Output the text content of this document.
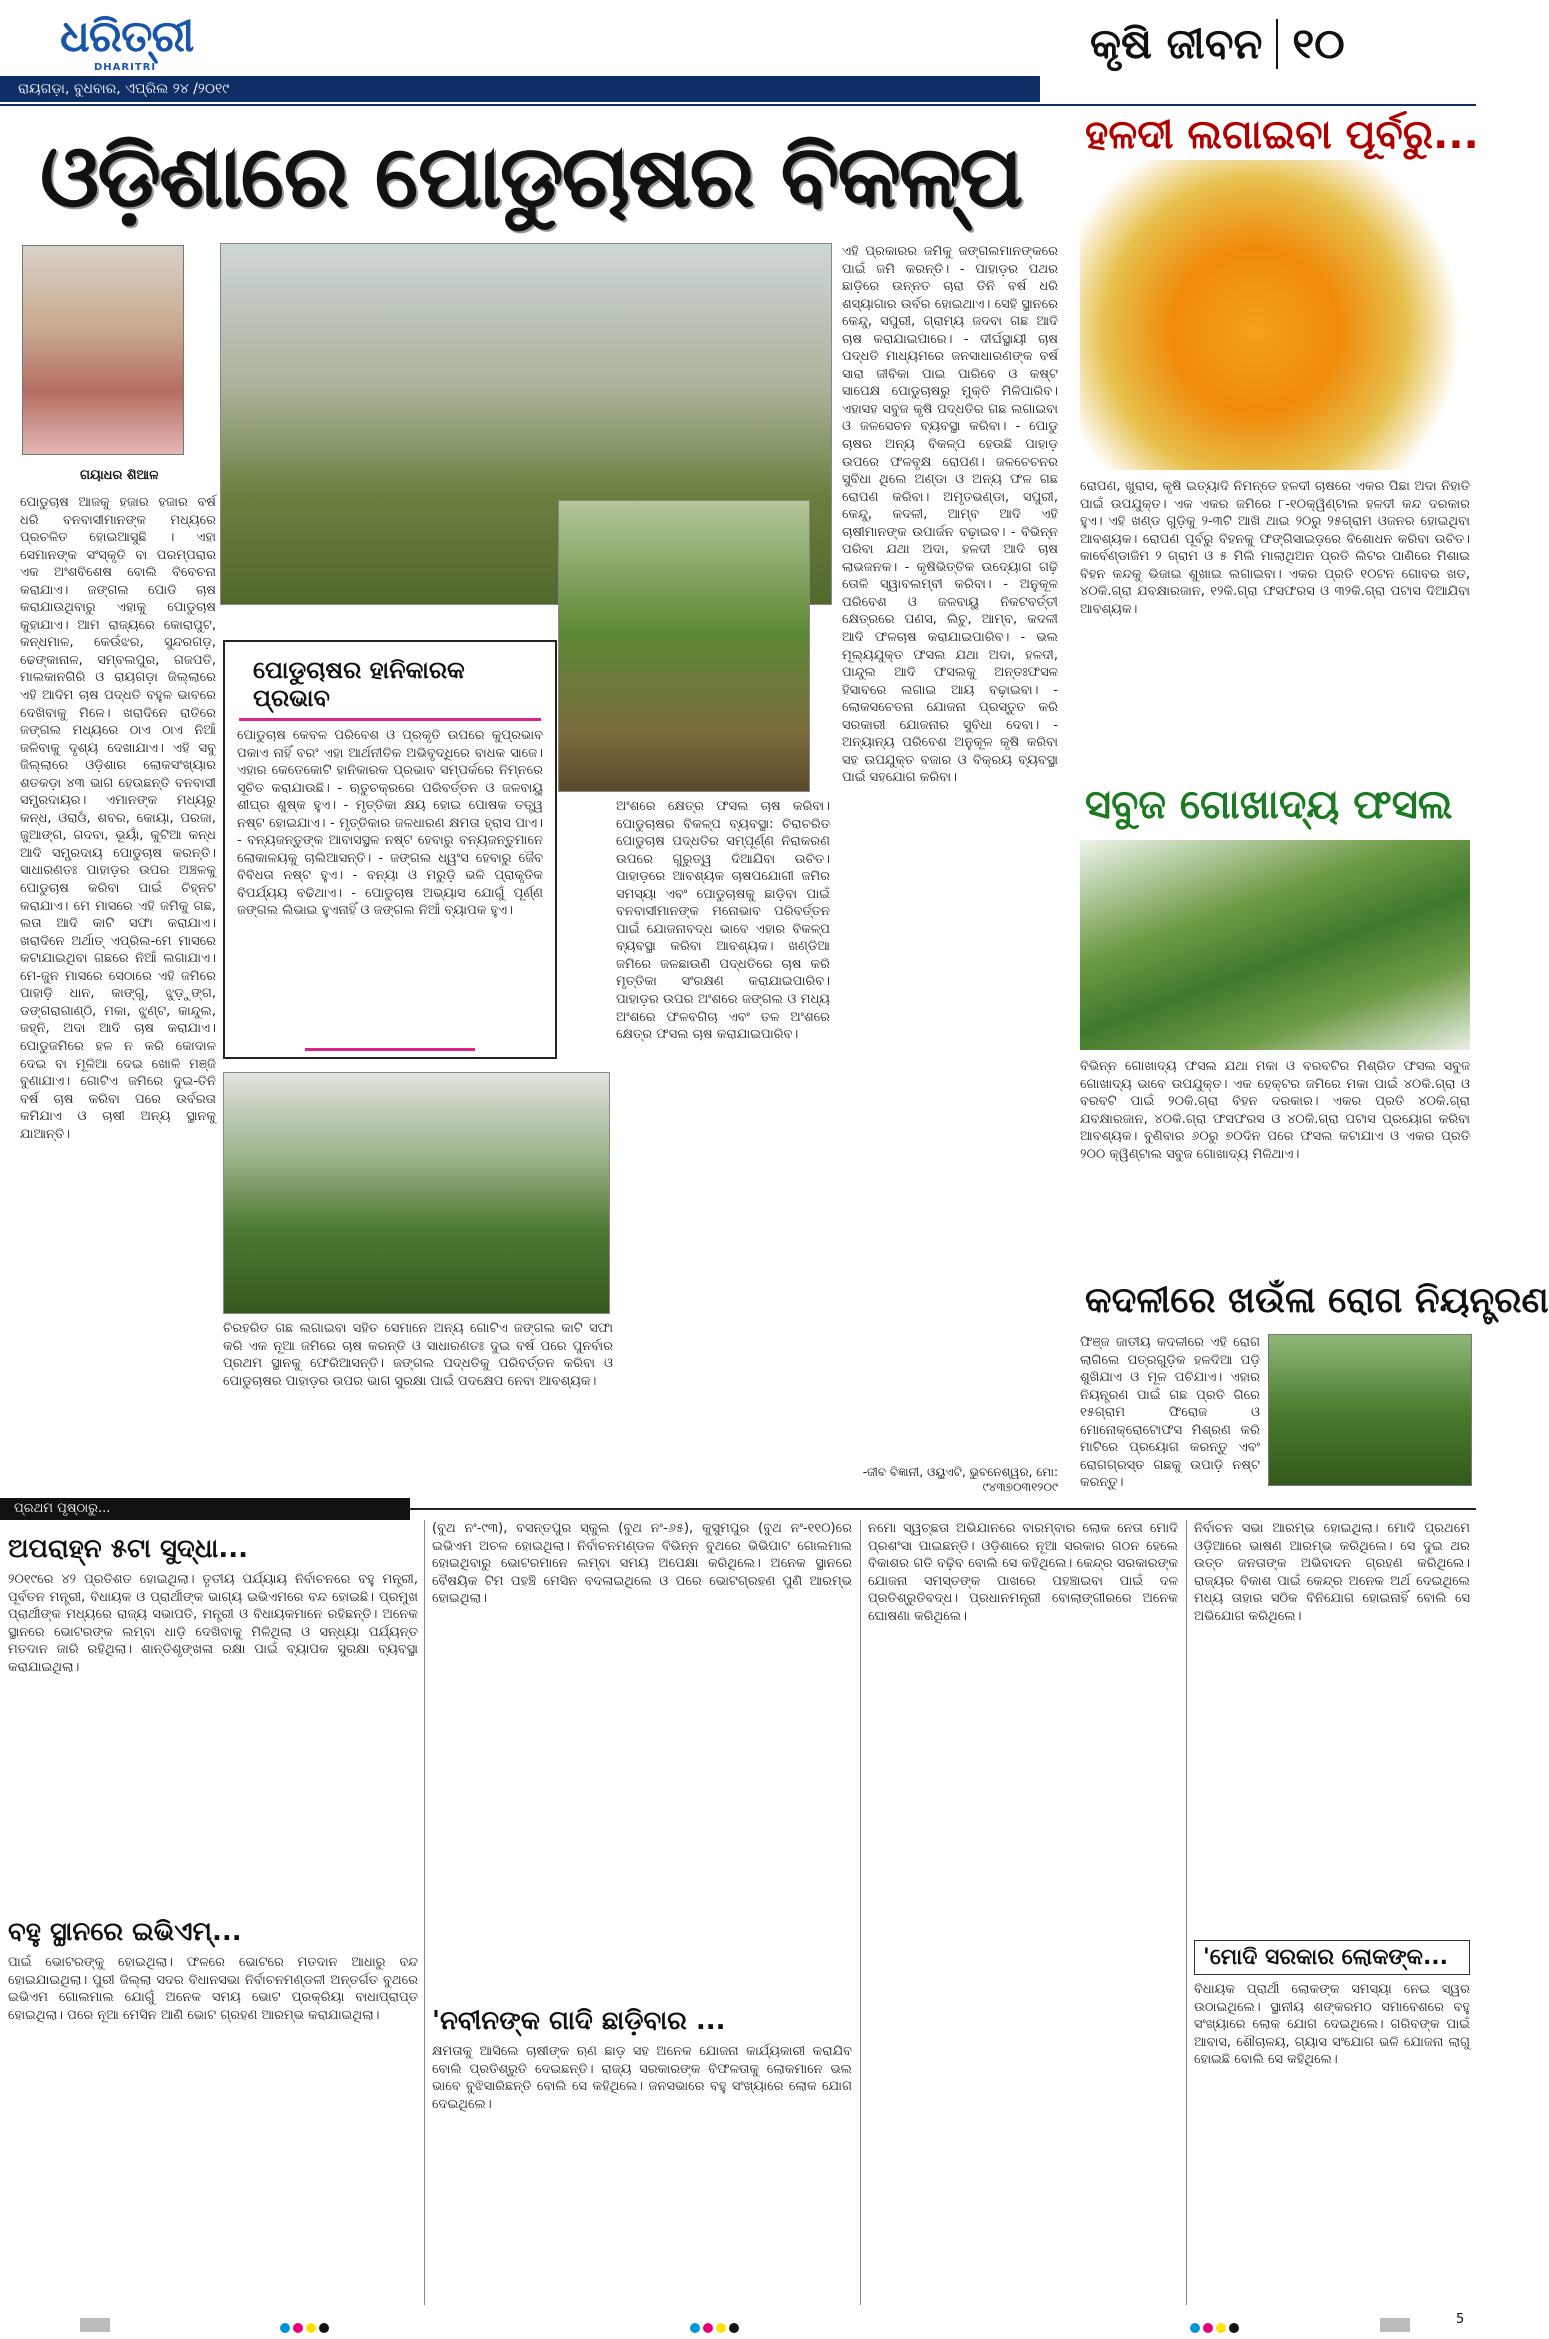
ଧରିତ୍ରୀ
DHARITRI
ରାୟଗଡ଼ା, ବୁଧବାର, ଏପ୍ରିଲ ୨୪ /୨୦୧୯
କୃଷି ଜୀବନ ୧୦
ଓଡ଼ିଶାରେ ପୋଡୁଚାଷର ବିକଳ୍ପ
ଗୟାଧର ଶିଆଳ
ପୋଡୁଚାଷ ଆଜକୁ ହଜାର ହଜାର ବର୍ଷ ଧରି ବନବାସୀମାନଙ୍କ ମଧ୍ୟରେ ପ୍ରଚଳିତ ହୋଇଆସୁଛି । ଏହା ସେମାନଙ୍କ ସଂସ୍କୃତି ବା ପରମ୍ପରାର ଏକ ଅଂଶବିଶେଷ ବୋଲି ବିବେଚନା କରାଯାଏ। ଜଙ୍ଗଲ ପୋଡି ଚାଷ କରାଯାଉଥିବାରୁ ଏହାକୁ ପୋଡୁଚାଷ କୁହାଯାଏ। ଆମ ରାଜ୍ୟରେ କୋରାପୁଟ, କନ୍ଧମାଳ, କେଉଁଝର, ସୁନ୍ଦରଗଡ଼, ଢେଙ୍କାନାଳ, ସମ୍ବଲପୁର, ଗଜପତି, ମାଲକାନଗିରି ଓ ରାୟଗଡ଼ା ଜିଲ୍ଲାରେ ଏହି ଆଦିମ ଚାଷ ପଦ୍ଧତି ବହୁଳ ଭାବରେ ଦେଖିବାକୁ ମିଳେ। ଖରାଦିନେ ରାତିରେ ଜଙ୍ଗଲ ମଧ୍ୟରେ ଠାଏ ଠାଏ ନିଆଁ ଜଳିବାକୁ ଦୃଶ୍ୟ ଦେଖାଯାଏ। ଏହି ସବୁ ଜିଲ୍ଲାରେ ଓଡ଼ିଶାର ଲୋକସଂଖ୍ୟାର ଶତକଡ଼ା ୪୩ ଭାଗ ହେଉଛନ୍ତି ବନବାସୀ ସମ୍ପ୍ରଦାୟର। ଏମାନଙ୍କ ମଧ୍ୟରୁ କନ୍ଧ, ଓରାଓଁ, ଶବର, କୋୟା, ପରଜା, ଜୁଆଙ୍ଗ, ଗଦବା, ଭୂୟାଁ, କୁଟିଆ କନ୍ଧ ଆଦି ସମ୍ପ୍ରଦାୟ ପୋଡୁଚାଷ କରନ୍ତି। ସାଧାରଣତଃ ପାହାଡ଼ର ଉପର ଅଞ୍ଚଳକୁ ପୋଡୁଚାଷ କରିବା ପାଇଁ ଚିହ୍ନଟ କରାଯାଏ। ମେ ମାସରେ ଏହି ଜମିକୁ ଗଛ, ଲତା ଆଦି କାଟି ସଫା କରାଯାଏ। ଖରାଦିନେ ଅର୍ଥାତ୍ ଏପ୍ରିଲ-ମେ ମାସରେ କଟାଯାଇଥିବା ଗଛରେ ନିଆଁ ଲଗାଯାଏ। ମେ-ଜୁନ ମାସରେ ସେଠାରେ ଏହି ଜମିରେ ପାହାଡ଼ି ଧାନ, କାଙ୍ଗୁ, ଝୁଡ଼ୁଙ୍ଗ, ଡଙ୍ଗରାଗାଣ୍ଠି, ମକା, ଝୁଣ୍ଟ, କାନ୍ଦୁଲ, ଜହ୍ନି, ଅଦା ଆଦି ଚାଷ କରାଯାଏ। ପୋଡୁଜମିରେ ହଳ ନ କରି କୋଦାଳ ଦେଇ ବା ମୂଳିଆ ଦେଇ ଖୋଳି ମଞ୍ଜି ବୁଣାଯାଏ। ଗୋଟିଏ ଜମିରେ ଦୁଇ-ତିନି ବର୍ଷ ଚାଷ କରିବା ପରେ ଉର୍ବରତା କମିଯାଏ ଓ ଚାଷୀ ଅନ୍ୟ ସ୍ଥାନକୁ ଯାଆନ୍ତି।
ପୋଡୁଚାଷର ହାନିକାରକ ପ୍ରଭାବ
ପୋଡୁଚାଷ କେବଳ ପରିବେଶ ଓ ପ୍ରକୃତି ଉପରେ କୁପ୍ରଭାବ ପକାଏ ନାହିଁ ବରଂ ଏହା ଆର୍ଥନୀତିକ ଅଭିବୃଦ୍ଧିରେ ବାଧକ ସାଜେ। ଏହାର କେତେକୋଟି ହାନିକାରକ ପ୍ରଭାବ ସମ୍ପର୍କରେ ନିମ୍ନରେ ସୂଚିତ କରାଯାଉଛି। - ଋତୁଚକ୍ରରେ ପରିବର୍ତ୍ତନ ଓ ଜଳବାୟୁ ଶୀଘ୍ର ଶୁଷ୍କ ହୁଏ। - ମୃତ୍ତିକା କ୍ଷୟ ହୋଇ ପୋଷକ ତତ୍ତ୍ୱ ନଷ୍ଟ ହୋଇଯାଏ। - ମୃତ୍ତିକାର ଜଳଧାରଣ କ୍ଷମତା ହ୍ରାସ ପାଏ। - ବନ୍ୟଜନ୍ତୁଙ୍କ ଆବାସସ୍ଥଳ ନଷ୍ଟ ହେବାରୁ ବନ୍ୟଜନ୍ତୁମାନେ ଲୋକାଳୟକୁ ଚାଲିଆସନ୍ତି। - ଜଙ୍ଗଲ ଧ୍ୱଂସ ହେବାରୁ ଜୈବ ବିବିଧତା ନଷ୍ଟ ହୁଏ। - ବନ୍ୟା ଓ ମରୁଡ଼ି ଭଳି ପ୍ରାକୃତିକ ବିପର୍ଯ୍ୟୟ ବଢିଥାଏ। - ପୋଡୁଚାଷ ଅଭ୍ୟାସ ଯୋଗୁଁ ପୂର୍ଣ୍ଣ ଜଙ୍ଗଲ ଲିଭାଇ ହୁଏନାହିଁ ଓ ଜଙ୍ଗଲ ନିଆଁ ବ୍ୟାପକ ହୁଏ।
ଅଂଶରେ କ୍ଷେତ୍ର ଫସଲ ଚାଷ କରିବା। ପୋଡୁଚାଷର ବିକଳ୍ପ ବ୍ୟବସ୍ଥା: ଚିରାଚରିତ ପୋଡୁଚାଷ ପଦ୍ଧତିର ସମ୍ପୂର୍ଣ୍ଣ ନିରାକରଣ ଉପରେ ଗୁରୁତ୍ୱ ଦିଆଯିବା ଉଚିତ। ପାହାଡ଼ରେ ଆବଶ୍ୟକ ଚାଷପଯୋଗୀ ଜମିର ସମସ୍ୟା ଏବଂ ପୋଡୁଚାଷକୁ ଛାଡ଼ିବା ପାଇଁ ବନବାସୀମାନଙ୍କ ମନୋଭାବ ପରିବର୍ତ୍ତନ ପାଇଁ ଯୋଜନାବଦ୍ଧ ଭାବେ ଏହାର ବିକଳ୍ପ ବ୍ୟବସ୍ଥା କରିବା ଆବଶ୍ୟକ। ଖଣ୍ଡିଆ ଜମିରେ ଜଳଛାଉଣି ପଦ୍ଧତିରେ ଚାଷ କରି ମୃତ୍ତିକା ସଂରକ୍ଷଣ କରାଯାଇପାରିବ। ପାହାଡ଼ର ଉପର ଅଂଶରେ ଜଙ୍ଗଲ ଓ ମଧ୍ୟ ଅଂଶରେ ଫଳବଗିଚା ଏବଂ ତଳ ଅଂଶରେ କ୍ଷେତ୍ର ଫସଲ ଚାଷ କରାଯାଇପାରିବ।
ଚିରହରିତ ଗଛ ଲଗାଇବା ସହିତ ସେମାନେ ଅନ୍ୟ ଗୋଟିଏ ଜଙ୍ଗଲ କାଟି ସଫା କରି ଏକ ନୂଆ ଜମିରେ ଚାଷ କରନ୍ତି ଓ ସାଧାରଣତଃ ଦୁଇ ବର୍ଷ ପରେ ପୁନର୍ବାର ପ୍ରଥମ ସ୍ଥାନକୁ ଫେରିଆସନ୍ତି। ଜଙ୍ଗଲ ପଦ୍ଧତିକୁ ପରିବର୍ତ୍ତନ କରିବା ଓ ପୋଡୁଚାଷର ପାହାଡ଼ର ଉପର ଭାଗ ସୁରକ୍ଷା ପାଇଁ ପଦକ୍ଷେପ ନେବା ଆବଶ୍ୟକ।
ଏହି ପ୍ରକାରର ଜମିକୁ ଜଙ୍ଗଲମାନଙ୍କରେ ପାଇଁ ଜମି କରନ୍ତି। - ପାହାଡ଼ର ପଥର ଛାଡ଼ିରେ ଉନ୍ନତ ଚାରା ତିନି ବର୍ଷ ଧରି ଶସ୍ୟାଗାର ଉର୍ବର ହୋଇଥାଏ। ସେହି ସ୍ଥାନରେ କେନ୍ଦୁ, ସପୁରୀ, ଗ୍ରାମ୍ୟ ଜଦବା ଗଛ ଆଦି ଚାଷ କରାଯାଇପାରେ। - ଦୀର୍ଘସ୍ଥାୟୀ ଚାଷ ପଦ୍ଧତି ମାଧ୍ୟମରେ ଜନସାଧାରଣଙ୍କ ବର୍ଷ ସାରା ଜୀବିକା ପାଇ ପାରିବେ ଓ କଷ୍ଟ ସାପେକ୍ଷ ପୋଡୁଚାଷରୁ ମୁକ୍ତି ମିଳିପାରିବ। ଏହାସହ ସବୁଜ କୃଷି ପଦ୍ଧତିର ଗଛ ଲଗାଇବା ଓ ଜଳସେଚନ ବ୍ୟବସ୍ଥା କରିବା। - ପୋଡୁ ଚାଷର ଅନ୍ୟ ବିକଳ୍ପ ହେଉଛି ପାହାଡ଼ ଉପରେ ଫଳବୃକ୍ଷ ରୋପଣ। ଜଳଚେଚନର ସୁବିଧା ଥିଲେ ଅଣ୍ଡା ଓ ଅନ୍ୟ ଫଳ ଗଛ ରୋପଣ କରିବା। ଅମୃତଭଣ୍ଡା, ସପୁରୀ, କେନ୍ଦୁ, କଦଳୀ, ଆମ୍ବ ଆଦି ଏହି ଚାଷୀମାନଙ୍କ ଉପାର୍ଜନ ବଢ଼ାଇବ। - ବିଭିନ୍ନ ପରିବା ଯଥା ଅଦା, ହଳଦୀ ଆଦି ଚାଷ ଲାଭଜନକ। - କୃଷିଭିତ୍ତିକ ଉଦ୍ୟୋଗ ଗଢ଼ି ତୋଳି ସ୍ୱାବଲମ୍ବୀ କରିବା। - ଅନୁକୂଳ ପରିବେଶ ଓ ଜଳବାୟୁ ନିକଟବର୍ତ୍ତୀ କ୍ଷେତ୍ରରେ ପଣସ, ଲିଚୁ, ଆମ୍ବ, କଦଳୀ ଆଦି ଫଳଚାଷ କରାଯାଇପାରିବ। - ଭଲ ମୂଲ୍ୟଯୁକ୍ତ ଫସଲ ଯଥା ଅଦା, ହଳଦୀ, ପାନ୍ଦୁଲ ଆଦି ଫସଲକୁ ଅନ୍ତଃଫସଳ ହିସାବରେ ଲଗାଇ ଆୟ ବଢ଼ାଇବା। - ଲୋକସଚେତନା ଯୋଜନା ପ୍ରସ୍ତୁତ କରି ସରକାରୀ ଯୋଜନାର ସୁବିଧା ଦେବା। - ଅନ୍ୟାନ୍ୟ ପରିବେଶ ଅନୁକୂଳ କୃଷି କରିବା ସହ ଉପଯୁକ୍ତ ବଜାର ଓ ବିକ୍ରୟ ବ୍ୟବସ୍ଥା ପାଇଁ ସହଯୋଗ କରିବା।
-ଜୀବ ବିଜ୍ଞାନୀ, ଓୟୁଏଟି, ଭୁବନେଶ୍ୱର, ମୋ: ୯୪୩୭୦୩୧୨୦୯
ହଳଦୀ ଲଗାଇବା ପୂର୍ବରୁ...
ରୋପଣ, ଖୁରାସ, କୃଷି ଇତ୍ୟାଦି ନିମନ୍ତେ ହଳଦୀ ଚାଷରେ ଏକର ପିଛା ଅଦା ନିହାତି ପାଇଁ ଉପଯୁକ୍ତ। ଏକ ଏକର ଜମିରେ ୮-୧୦କ୍ୱିଣ୍ଟାଲ ହଳଦୀ କନ୍ଦ ଦରକାର ହୁଏ। ଏହି ଖଣ୍ଡ ଗୁଡ଼ିକୁ ୨-୩ଟି ଆଖି ଥାଇ ୨୦ରୁ ୨୫ଗ୍ରାମ ଓଜନର ହୋଇଥିବା ଆବଶ୍ୟକ। ରୋପଣ ପୂର୍ବରୁ ବିହନକୁ ଫଙ୍ଗିସାଇଡ଼ରେ ବିଶୋଧନ କରିବା ଉଚିତ। କାର୍ବେଣ୍ଡାଜିମ ୨ ଗ୍ରାମ ଓ ୫ ମିଲି ମାଲାଥିଅନ ପ୍ରତି ଲିଟର ପାଣିରେ ମିଶାଇ ବିହନ କନ୍ଦକୁ ଭିଜାଇ ଶୁଖାଇ ଲଗାଇବା। ଏକର ପ୍ରତି ୧୦ଟନ ଗୋବର ଖତ, ୪୦କି.ଗ୍ରା ଯବକ୍ଷାରଜାନ, ୧୨କି.ଗ୍ରା ଫସଫରସ ଓ ୩୨କି.ଗ୍ରା ପଟାସ ଦିଆଯିବା ଆବଶ୍ୟକ।
ସବୁଜ ଗୋଖାଦ୍ୟ ଫସଲ
ବିଭିନ୍ନ ଗୋଖାଦ୍ୟ ଫସଲ ଯଥା ମକା ଓ ବରବଟିର ମିଶ୍ରିତ ଫସଲ ସବୁଜ ଗୋଖାଦ୍ୟ ଭାବେ ଉପଯୁକ୍ତ। ଏକ ହେକ୍ଟର ଜମିରେ ମକା ପାଇଁ ୪୦କି.ଗ୍ରା ଓ ବରବଟି ପାଇଁ ୨୦କି.ଗ୍ରା ବିହନ ଦରକାର। ଏକର ପ୍ରତି ୪୦କି.ଗ୍ରା ଯବକ୍ଷାରଜାନ, ୪୦କି.ଗ୍ରା ଫସଫରସ ଓ ୪୦କି.ଗ୍ରା ପଟାସ ପ୍ରୟୋଗ କରିବା ଆବଶ୍ୟକ। ବୁଣିବାର ୬୦ରୁ ୭୦ଦିନ ପରେ ଫସଲ କଟାଯାଏ ଓ ଏକର ପ୍ରତି ୨୦୦ କ୍ୱିଣ୍ଟାଲ ସବୁଜ ଗୋଖାଦ୍ୟ ମିଳିଥାଏ।
କଦଳୀରେ ଖଉଁଳା ରୋଗ ନିୟନ୍ତ୍ରଣ
ଫିଞ୍ଜ ଜାତୀୟ କଦଳୀରେ ଏହି ରୋଗ ଲାଗିଲେ ପତ୍ରଗୁଡ଼ିକ ହଳଦିଆ ପଡ଼ି ଶୁଖିଯାଏ ଓ ମୂଳ ପଚିଯାଏ। ଏହାର ନିୟନ୍ତ୍ରଣ ପାଇଁ ଗଛ ପ୍ରତି ଗିରେ ୧୫ଗ୍ରାମ ଫିରୋଜ ଓ ମୋନୋକ୍ରୋଟୋଫସ ମିଶ୍ରଣ କରି ମାଟିରେ ପ୍ରୟୋଗ କରନ୍ତୁ ଏବଂ ରୋଗଗ୍ରସ୍ତ ଗଛକୁ ଉପାଡ଼ି ନଷ୍ଟ କରନ୍ତୁ।
ପ୍ରଥମ ପୃଷ୍ଠାରୁ...
ଅପରାହ୍ନ ୫ଟା ସୁଦ୍ଧା...
୨୦୧୯ରେ ୪୨ ପ୍ରତିଶତ ହୋଇଥିଲା। ତୃତୀୟ ପର୍ଯ୍ୟାୟ ନିର୍ବାଚନରେ ବହୁ ମନ୍ତ୍ରୀ, ପୂର୍ବତନ ମନ୍ତ୍ରୀ, ବିଧାୟକ ଓ ପ୍ରାର୍ଥୀଙ୍କ ଭାଗ୍ୟ ଇଭିଏମରେ ବନ୍ଦ ହୋଇଛି। ପ୍ରମୁଖ ପ୍ରାର୍ଥୀଙ୍କ ମଧ୍ୟରେ ରାଜ୍ୟ ସଭାପତି, ମନ୍ତ୍ରୀ ଓ ବିଧାୟକମାନେ ରହିଛନ୍ତି। ଅନେକ ସ୍ଥାନରେ ଭୋଟରଙ୍କ ଲମ୍ବା ଧାଡ଼ି ଦେଖିବାକୁ ମିଳିଥିଲା ଓ ସନ୍ଧ୍ୟା ପର୍ଯ୍ୟନ୍ତ ମତଦାନ ଜାରି ରହିଥିଲା। ଶାନ୍ତିଶୃଙ୍ଖଳା ରକ୍ଷା ପାଇଁ ବ୍ୟାପକ ସୁରକ୍ଷା ବ୍ୟବସ୍ଥା କରାଯାଇଥିଲା।
ବହୁ ସ୍ଥାନରେ ଇଭିଏମ୍...
ପାଇଁ ଭୋଟରଙ୍କୁ ହୋଇଥିଲା। ଫଳରେ ଭୋଟରେ ମତଦାନ ଆଧାରୁ ବନ୍ଦ ହୋଇଯାଇଥିଲା। ପୁରୀ ଜିଲ୍ଲା ସଦର ବିଧାନସଭା ନିର୍ବାଚନମଣ୍ଡଳୀ ଅନ୍ତର୍ଗତ ବୁଥରେ ଇଭିଏମ ଗୋଲମାଲ ଯୋଗୁଁ ଅନେକ ସମୟ ଭୋଟ ପ୍ରକ୍ରିୟା ବାଧାପ୍ରାପ୍ତ ହୋଇଥିଲା। ପରେ ନୂଆ ମେସିନ ଆଣି ଭୋଟ ଗ୍ରହଣ ଆରମ୍ଭ କରାଯାଇଥିଲା।
(ବୁଥ ନଂ-୯୩), ବସନ୍ତପୁର ସ୍କୁଲ (ବୁଥ ନଂ-୬୫), କୁସୁମପୁର (ବୁଥ ନଂ-୧୧୦)ରେ ଇଭିଏମ ଅଚଳ ହୋଇଥିଲା। ନିର୍ବାଚନମଣ୍ଡଳ ବିଭିନ୍ନ ବୁଥରେ ଭିଭିପାଟ ଗୋଲମାଲ ହୋଇଥିବାରୁ ଭୋଟରମାନେ ଲମ୍ବା ସମୟ ଅପେକ୍ଷା କରିଥିଲେ। ଅନେକ ସ୍ଥାନରେ ବୈଷୟିକ ଟିମ ପହଞ୍ଚି ମେସିନ ବଦଳାଇଥିଲେ ଓ ପରେ ଭୋଟଗ୍ରହଣ ପୁଣି ଆରମ୍ଭ ହୋଇଥିଲା।
'ନବୀନଙ୍କ ଗାଦି ଛାଡ଼ିବାର ...
କ୍ଷମତାକୁ ଆସିଲେ ଚାଷୀଙ୍କ ଋଣ ଛାଡ଼ ସହ ଅନେକ ଯୋଜନା କାର୍ଯ୍ୟକାରୀ କରାଯିବ ବୋଲି ପ୍ରତିଶ୍ରୁତି ଦେଇଛନ୍ତି। ରାଜ୍ୟ ସରକାରଙ୍କ ବିଫଳତାକୁ ଲୋକମାନେ ଭଲ ଭାବେ ବୁଝିସାରିଛନ୍ତି ବୋଲି ସେ କହିଥିଲେ। ଜନସଭାରେ ବହୁ ସଂଖ୍ୟାରେ ଲୋକ ଯୋଗ ଦେଇଥିଲେ।
ନମୋ ସ୍ୱଚ୍ଛତା ଅଭିଯାନରେ ବାରମ୍ବାର ଲୋକ ନେତା ମୋଦି ପ୍ରଶଂସା ପାଇଛନ୍ତି। ଓଡ଼ିଶାରେ ନୂଆ ସରକାର ଗଠନ ହେଲେ ବିକାଶର ଗତି ବଢ଼ିବ ବୋଲି ସେ କହିଥିଲେ। କେନ୍ଦ୍ର ସରକାରଙ୍କ ଯୋଜନା ସମସ୍ତଙ୍କ ପାଖରେ ପହଞ୍ଚାଇବା ପାଇଁ ଦଳ ପ୍ରତିଶ୍ରୁତିବଦ୍ଧ। ପ୍ରଧାନମନ୍ତ୍ରୀ ବୋଲାଙ୍ଗୀରରେ ଅନେକ ଘୋଷଣା କରିଥିଲେ।
ନିର୍ବାଚନ ସଭା ଆରମ୍ଭ ହୋଇଥିଲା। ମୋଦି ପ୍ରଥମେ ଓଡ଼ିଆରେ ଭାଷଣ ଆରମ୍ଭ କରିଥିଲେ। ସେ ଦୁଇ ଥର ଉତ୍ତ ଜନତାଙ୍କ ଅଭିବାଦନ ଗ୍ରହଣ କରିଥିଲେ। ରାଜ୍ୟର ବିକାଶ ପାଇଁ କେନ୍ଦ୍ର ଅନେକ ଅର୍ଥ ଦେଇଥିଲେ ମଧ୍ୟ ତାହାର ସଠିକ ବିନିଯୋଗ ହୋଇନାହିଁ ବୋଲି ସେ ଅଭିଯୋଗ କରିଥିଲେ।
'ମୋଦି ସରକାର ଲୋକଙ୍କ...
ବିଧାୟକ ପ୍ରାର୍ଥୀ ଲୋକଙ୍କ ସମସ୍ୟା ନେଇ ସ୍ୱର ଉଠାଇଥିଲେ। ସ୍ଥାନୀୟ ଶଙ୍କରମଠ ସମାବେଶରେ ବହୁ ସଂଖ୍ୟାରେ ଲୋକ ଯୋଗ ଦେଇଥିଲେ। ଗରିବଙ୍କ ପାଇଁ ଆବାସ, ଶୌଚାଳୟ, ଗ୍ୟାସ ସଂଯୋଗ ଭଳି ଯୋଜନା ଲାଗୁ ହୋଇଛି ବୋଲି ସେ କହିଥିଲେ।
5
